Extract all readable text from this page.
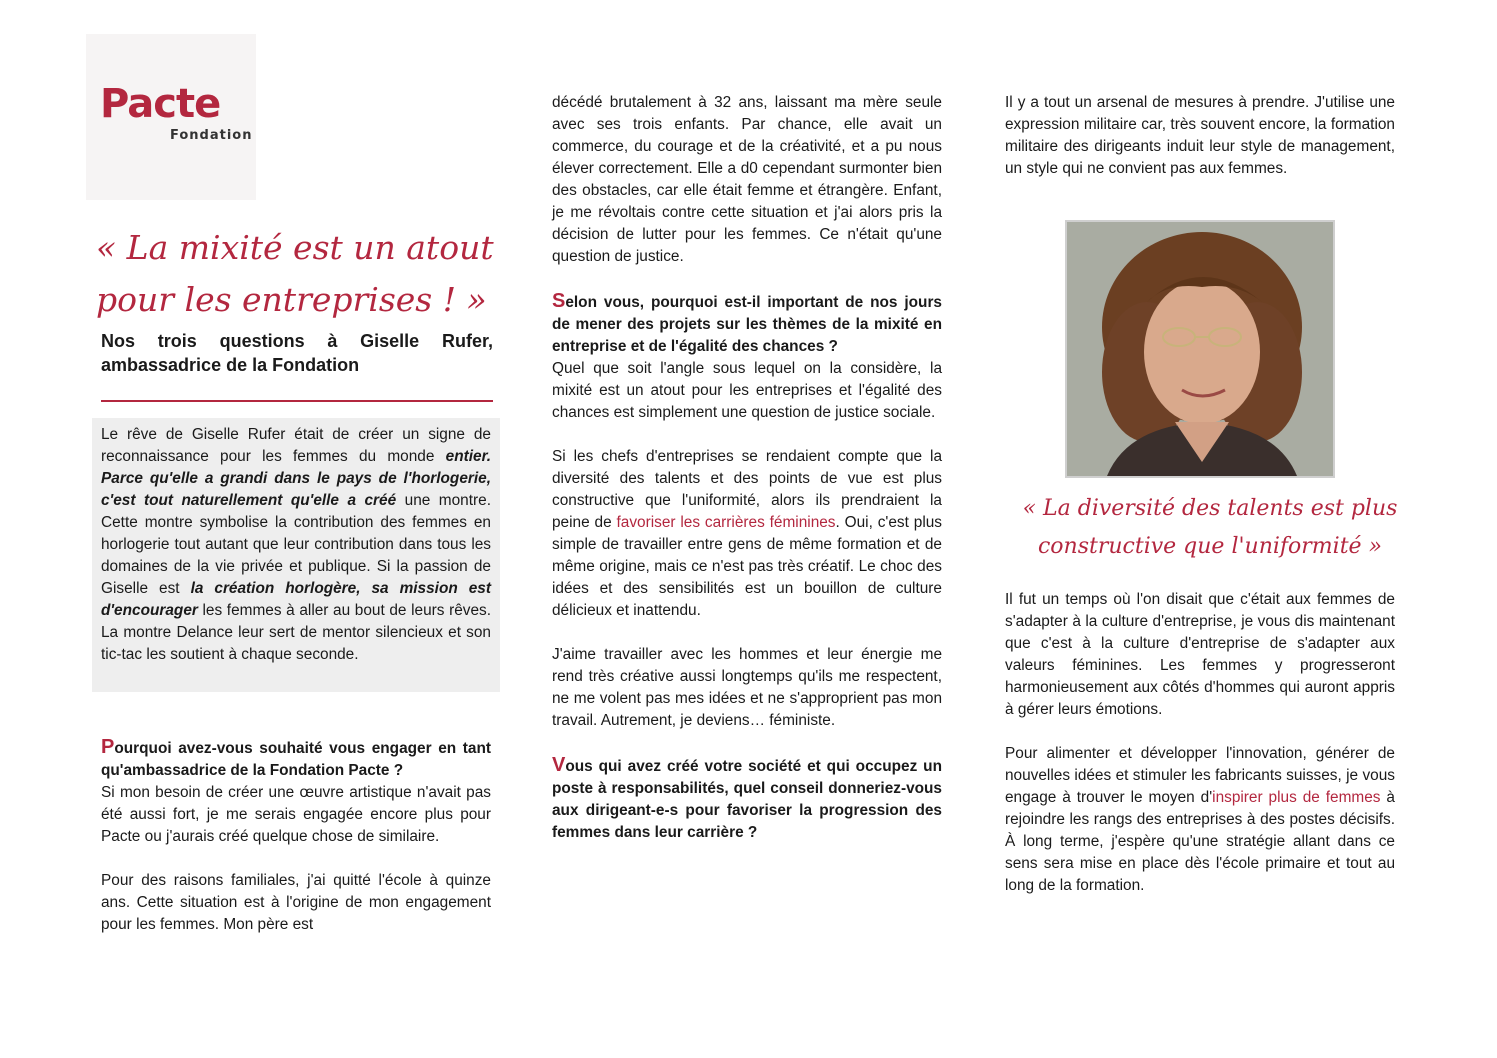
Pacte
Fondation
« La mixité est un atout pour les entreprises ! »
Nos trois questions à Giselle Rufer, ambassadrice de la Fondation
Le rêve de Giselle Rufer était de créer un signe de reconnaissance pour les femmes du monde entier. Parce qu'elle a grandi dans le pays de l'horlogerie, c'est tout naturellement qu'elle a créé une montre. Cette montre symbolise la contribution des femmes en horlogerie tout autant que leur contribution dans tous les domaines de la vie privée et publique. Si la passion de Giselle est la création horlogère, sa mission est d'encourager les femmes à aller au bout de leurs rêves. La montre Delance leur sert de mentor silencieux et son tic-tac les soutient à chaque seconde.
Pourquoi avez-vous souhaité vous engager en tant qu'ambassadrice de la Fondation Pacte ?

Si mon besoin de créer une œuvre artistique n'avait pas été aussi fort, je me serais engagée encore plus pour Pacte ou j'aurais créé quelque chose de similaire.

Pour des raisons familiales, j'ai quitté l'école à quinze ans. Cette situation est à l'origine de mon engagement pour les femmes. Mon père est

décédé brutalement à 32 ans, laissant ma mère seule avec ses trois enfants. Par chance, elle avait un commerce, du courage et de la créativité, et a pu nous élever correctement. Elle a d0 cependant surmonter bien des obstacles, car elle était femme et étrangère. Enfant, je me révoltais contre cette situation et j'ai alors pris la décision de lutter pour les femmes. Ce n'était qu'une question de justice.

Selon vous, pourquoi est-il important de nos jours de mener des projets sur les thèmes de la mixité en entreprise et de l'égalité des chances ?

Quel que soit l'angle sous lequel on la considère, la mixité est un atout pour les entreprises et l'égalité des chances est simplement une question de justice sociale.

Si les chefs d'entreprises se rendaient compte que la diversité des talents et des points de vue est plus constructive que l'uniformité, alors ils prendraient la peine de favoriser les carrières féminines. Oui, c'est plus simple de travailler entre gens de même formation et de même origine, mais ce n'est pas très créatif. Le choc des idées et des sensibilités est un bouillon de culture délicieux et inattendu.

J'aime travailler avec les hommes et leur énergie me rend très créative aussi longtemps qu'ils me respectent, ne me volent pas mes idées et ne s'approprient pas mon travail. Autrement, je deviens… féministe.

Vous qui avez créé votre société et qui occupez un poste à responsabilités, quel conseil donneriez-vous aux dirigeant-e-s pour favoriser la progression des femmes dans leur carrière ?

Il y a tout un arsenal de mesures à prendre. J'utilise une expression militaire car, très souvent encore, la formation militaire des dirigeants induit leur style de management, un style qui ne convient pas aux femmes.

« La diversité des talents est plus constructive que l'uniformité »

Il fut un temps où l'on disait que c'était aux femmes de s'adapter à la culture d'entreprise, je vous dis maintenant que c'est à la culture d'entreprise de s'adapter aux valeurs féminines. Les femmes y progresseront harmonieusement aux côtés d'hommes qui auront appris à gérer leurs émotions.

Pour alimenter et développer l'innovation, générer de nouvelles idées et stimuler les fabricants suisses, je vous engage à trouver le moyen d'inspirer plus de femmes à rejoindre les rangs des entreprises à des postes décisifs. À long terme, j'espère qu'une stratégie allant dans ce sens sera mise en place dès l'école primaire et tout au long de la formation.
